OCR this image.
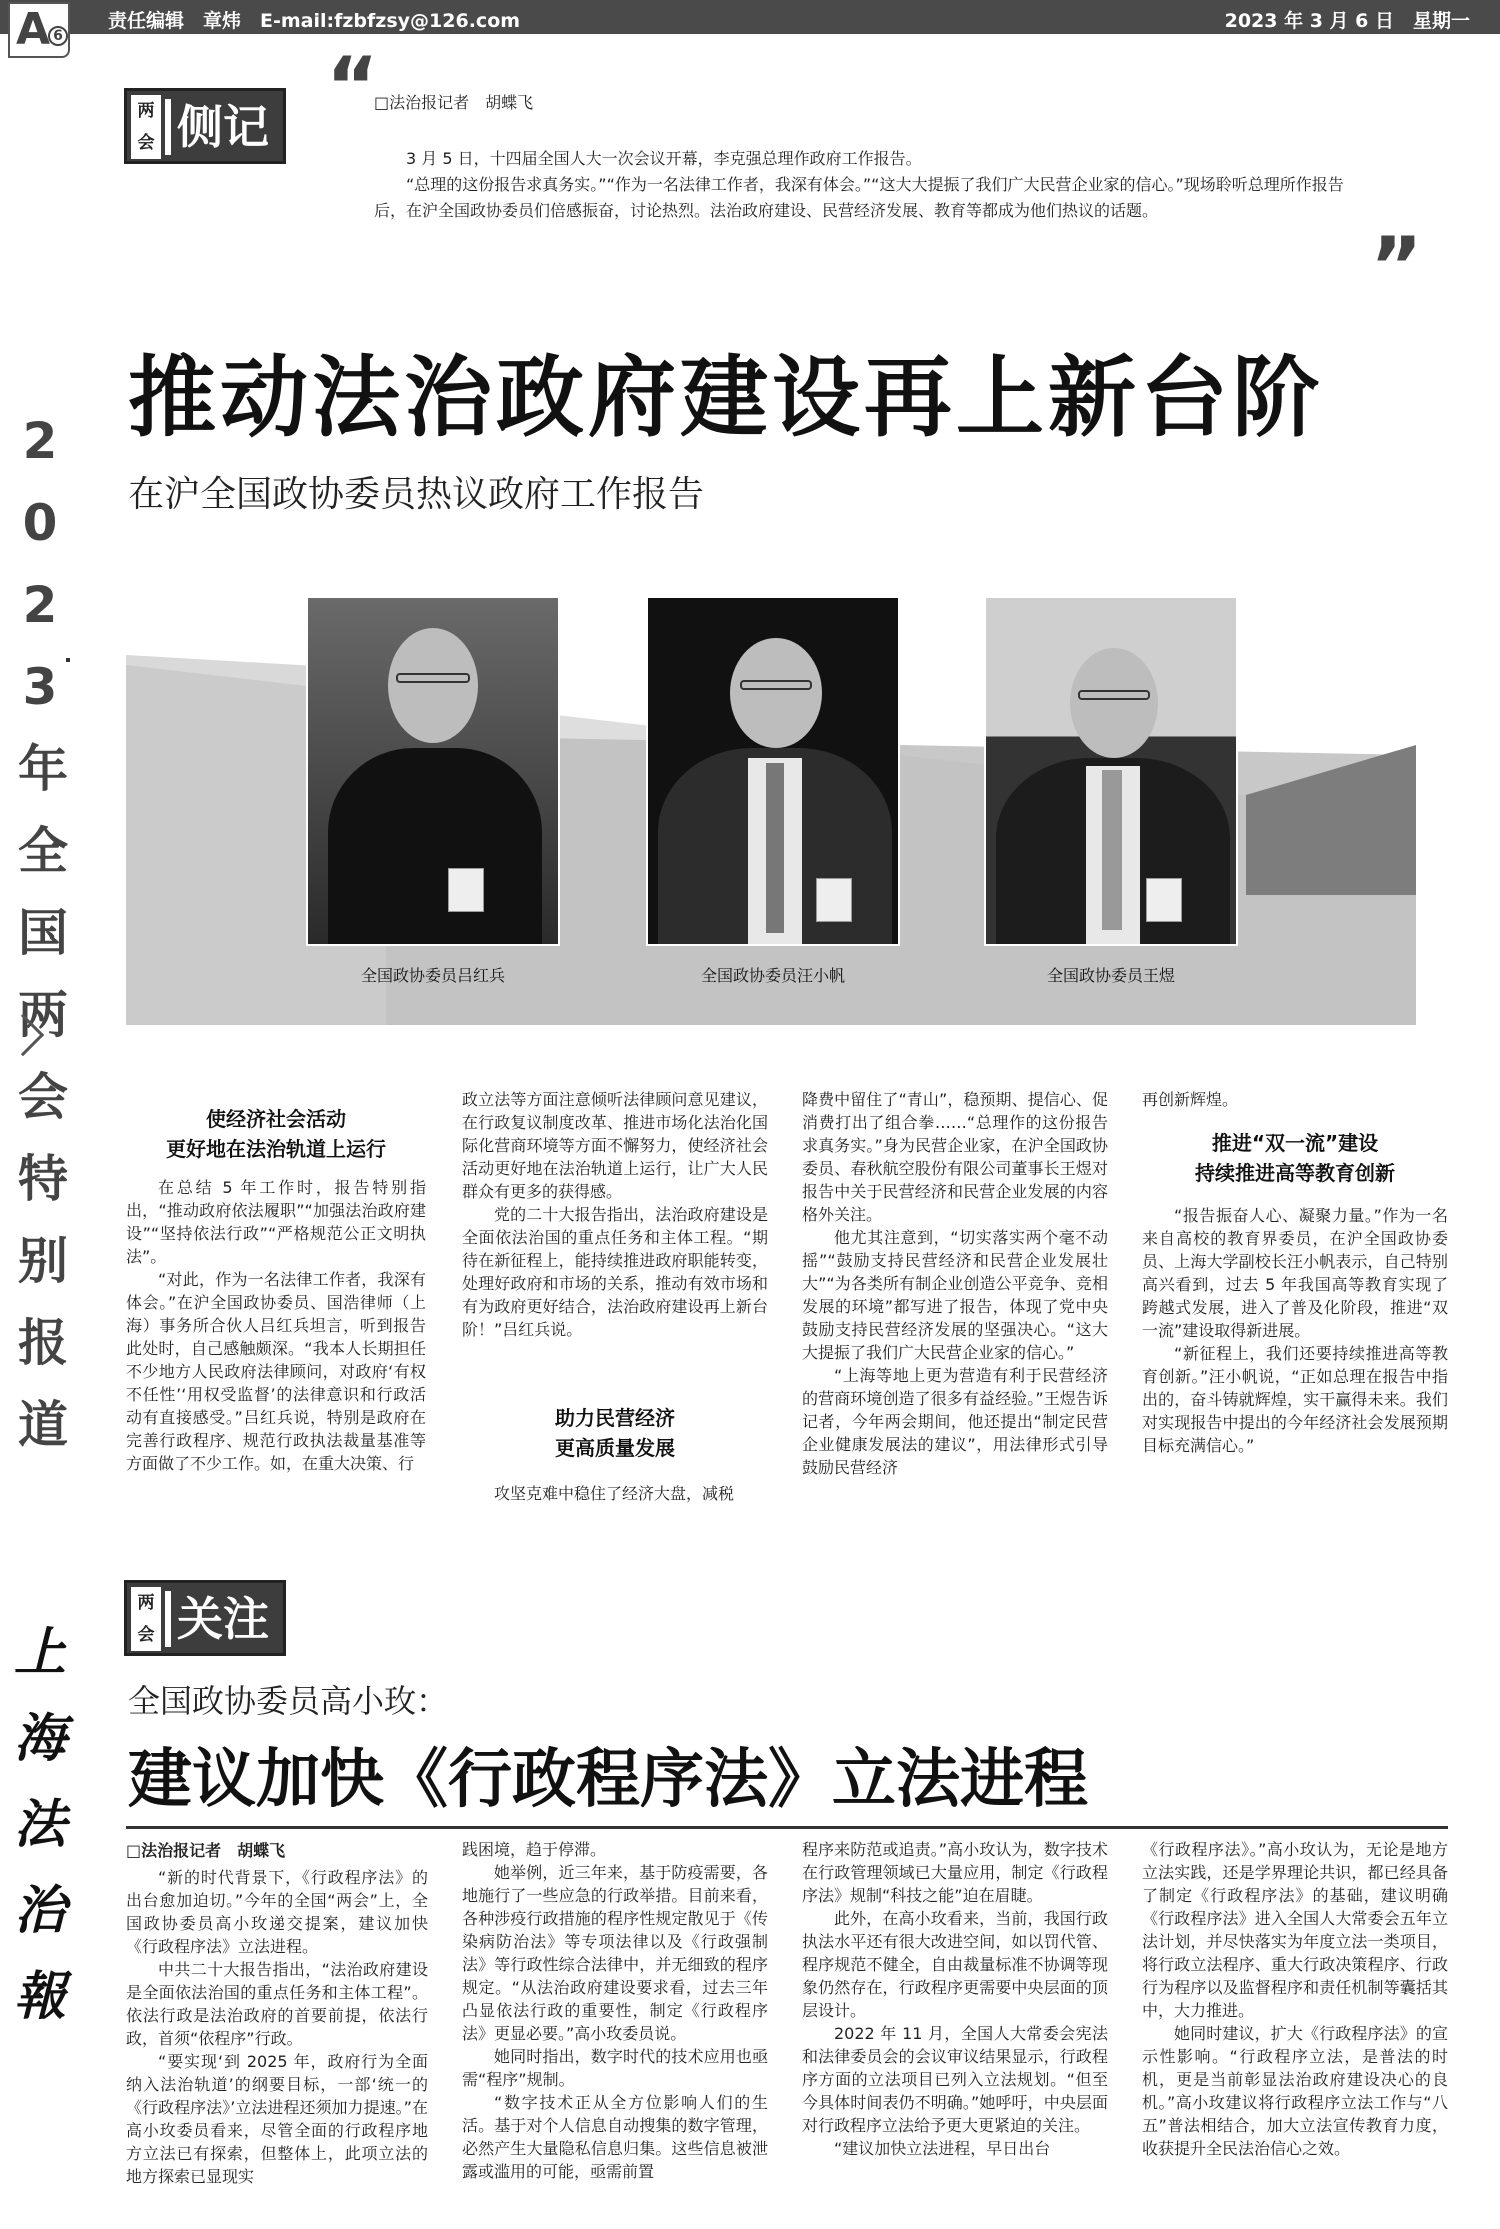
A 6
责任编辑　章炜　E-mail:fzbfzsy@126.com	2023 年 3 月 6 日　星期一
2
0
2
3
年
全
国
两
会
特
别
报
道
上
海
法
治
報
两
会 侧记 “
”
□法治报记者　胡蝶飞

3 月 5 日，十四届全国人大一次会议开幕，李克强总理作政府工作报告。

“总理的这份报告求真务实。”“作为一名法律工作者，我深有体会。”“这大大提振了我们广大民营企业家的信心。”现场聆听总理所作报告后，在沪全国政协委员们倍感振奋，讨论热烈。法治政府建设、民营经济发展、教育等都成为他们热议的话题。

推动法治政府建设再上新台阶
在沪全国政协委员热议政府工作报告
全国政协委员吕红兵	全国政协委员汪小帆	全国政协委员王煜
使经济社会活动
更好地在法治轨道上运行

在总结 5 年工作时，报告特别指出，“推动政府依法履职”“加强法治政府建设”“坚持依法行政”“严格规范公正文明执法”。

“对此，作为一名法律工作者，我深有体会。”在沪全国政协委员、国浩律师（上海）事务所合伙人吕红兵坦言，听到报告此处时，自己感触颇深。“我本人长期担任不少地方人民政府法律顾问，对政府‘有权不任性’‘用权受监督’的法律意识和行政活动有直接感受。”吕红兵说，特别是政府在完善行政程序、规范行政执法裁量基准等方面做了不少工作。如，在重大决策、行

政立法等方面注意倾听法律顾问意见建议，在行政复议制度改革、推进市场化法治化国际化营商环境等方面不懈努力，使经济社会活动更好地在法治轨道上运行，让广大人民群众有更多的获得感。

党的二十大报告指出，法治政府建设是全面依法治国的重点任务和主体工程。“期待在新征程上，能持续推进政府职能转变，处理好政府和市场的关系，推动有效市场和有为政府更好结合，法治政府建设再上新台阶！”吕红兵说。

助力民营经济
更高质量发展

攻坚克难中稳住了经济大盘，减税

降费中留住了“青山”，稳预期、提信心、促消费打出了组合拳……“总理作的这份报告求真务实。”身为民营企业家，在沪全国政协委员、春秋航空股份有限公司董事长王煜对报告中关于民营经济和民营企业发展的内容格外关注。

他尤其注意到，“切实落实两个毫不动摇”“鼓励支持民营经济和民营企业发展壮大”“为各类所有制企业创造公平竞争、竞相发展的环境”都写进了报告，体现了党中央鼓励支持民营经济发展的坚强决心。“这大大提振了我们广大民营企业家的信心。”

“上海等地上更为营造有利于民营经济的营商环境创造了很多有益经验。”王煜告诉记者，今年两会期间，他还提出“制定民营企业健康发展法的建议”，用法律形式引导鼓励民营经济

再创新辉煌。

推进“双一流”建设
持续推进高等教育创新

“报告振奋人心、凝聚力量。”作为一名来自高校的教育界委员，在沪全国政协委员、上海大学副校长汪小帆表示，自己特别高兴看到，过去 5 年我国高等教育实现了跨越式发展，进入了普及化阶段，推进“双一流”建设取得新进展。

“新征程上，我们还要持续推进高等教育创新。”汪小帆说，“正如总理在报告中指出的，奋斗铸就辉煌，实干赢得未来。我们对实现报告中提出的今年经济社会发展预期目标充满信心。”

两
会 关注
全国政协委员高小玫：
建议加快《行政程序法》立法进程
□法治报记者　胡蝶飞

“新的时代背景下，《行政程序法》的出台愈加迫切。”今年的全国“两会”上，全国政协委员高小玫递交提案，建议加快《行政程序法》立法进程。

中共二十大报告指出，“法治政府建设是全面依法治国的重点任务和主体工程”。依法行政是法治政府的首要前提，依法行政，首须“依程序”行政。

“要实现‘到 2025 年，政府行为全面纳入法治轨道’的纲要目标，一部‘统一的《行政程序法》’立法进程还须加力提速。”在高小玫委员看来，尽管全面的行政程序地方立法已有探索，但整体上，此项立法的地方探索已显现实

践困境，趋于停滞。

她举例，近三年来，基于防疫需要，各地施行了一些应急的行政举措。目前来看，各种涉疫行政措施的程序性规定散见于《传染病防治法》等专项法律以及《行政强制法》等行政性综合法律中，并无细致的程序规定。“从法治政府建设要求看，过去三年凸显依法行政的重要性，制定《行政程序法》更显必要。”高小玫委员说。

她同时指出，数字时代的技术应用也亟需“程序”规制。

“数字技术正从全方位影响人们的生活。基于对个人信息自动搜集的数字管理，必然产生大量隐私信息归集。这些信息被泄露或滥用的可能，亟需前置

程序来防范或追责。”高小玫认为，数字技术在行政管理领域已大量应用，制定《行政程序法》规制“科技之能”迫在眉睫。

此外，在高小玫看来，当前，我国行政执法水平还有很大改进空间，如以罚代管、程序规范不健全，自由裁量标准不协调等现象仍然存在，行政程序更需要中央层面的顶层设计。

2022 年 11 月，全国人大常委会宪法和法律委员会的会议审议结果显示，行政程序方面的立法项目已列入立法规划。“但至今具体时间表仍不明确。”她呼吁，中央层面对行政程序立法给予更大更紧迫的关注。

“建议加快立法进程，早日出台

《行政程序法》。”高小玫认为，无论是地方立法实践，还是学界理论共识，都已经具备了制定《行政程序法》的基础，建议明确《行政程序法》进入全国人大常委会五年立法计划，并尽快落实为年度立法一类项目，将行政立法程序、重大行政决策程序、行政行为程序以及监督程序和责任机制等囊括其中，大力推进。

她同时建议，扩大《行政程序法》的宣示性影响。“行政程序立法，是普法的时机，更是当前彰显法治政府建设决心的良机。”高小玫建议将行政程序立法工作与“八五”普法相结合，加大立法宣传教育力度，收获提升全民法治信心之效。
